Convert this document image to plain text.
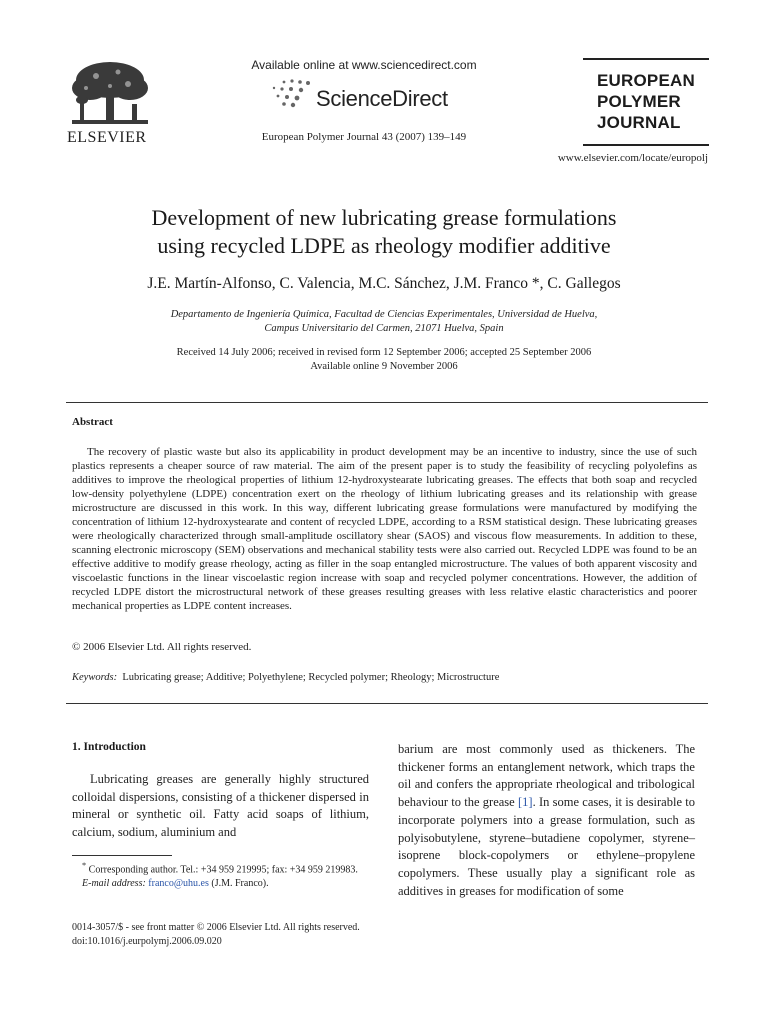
ELSEVIER
Available online at www.sciencedirect.com
ScienceDirect
European Polymer Journal 43 (2007) 139–149
EUROPEAN
POLYMER
JOURNAL
www.elsevier.com/locate/europolj
Development of new lubricating grease formulations
using recycled LDPE as rheology modifier additive
J.E. Martín-Alfonso, C. Valencia, M.C. Sánchez, J.M. Franco *, C. Gallegos
Departamento de Ingeniería Química, Facultad de Ciencias Experimentales, Universidad de Huelva,
Campus Universitario del Carmen, 21071 Huelva, Spain
Received 14 July 2006; received in revised form 12 September 2006; accepted 25 September 2006
Available online 9 November 2006
Abstract

The recovery of plastic waste but also its applicability in product development may be an incentive to industry, since the use of such plastics represents a cheaper source of raw material. The aim of the present paper is to study the feasibility of recycling polyolefins as additives to improve the rheological properties of lithium 12-hydroxystearate lubricating greases. The effects that both soap and recycled low-density polyethylene (LDPE) concentration exert on the rheology of lithium lubricating greases and its relationship with grease microstructure are discussed in this work. In this way, different lubricating grease formulations were manufactured by modifying the concentration of lithium 12-hydroxystearate and content of recycled LDPE, according to a RSM statistical design. These lubricating greases were rheologically characterized through small-amplitude oscillatory shear (SAOS) and viscous flow measurements. In addition to these, scanning electronic microscopy (SEM) observations and mechanical stability tests were also carried out. Recycled LDPE was found to be an effective additive to modify grease rheology, acting as filler in the soap entangled microstructure. The values of both apparent viscosity and viscoelastic functions in the linear viscoelastic region increase with soap and recycled polymer concentrations. However, the addition of recycled LDPE distort the microstructural network of these greases resulting greases with less relative elastic characteristics and poorer mechanical properties as LDPE content increases.

© 2006 Elsevier Ltd. All rights reserved.
Keywords: Lubricating grease; Additive; Polyethylene; Recycled polymer; Rheology; Microstructure
1. Introduction

Lubricating greases are generally highly structured colloidal dispersions, consisting of a thickener dispersed in mineral or synthetic oil. Fatty acid soaps of lithium, calcium, sodium, aluminium and

barium are most commonly used as thickeners. The thickener forms an entanglement network, which traps the oil and confers the appropriate rheological and tribological behaviour to the grease [1]. In some cases, it is desirable to incorporate polymers into a grease formulation, such as polyisobutylene, styrene–butadiene copolymer, styrene–isoprene block-copolymers or ethylene–propylene copolymers. These usually play a significant role as additives in greases for modification of some

* Corresponding author. Tel.: +34 959 219995; fax: +34 959 219983.
E-mail address: franco@uhu.es (J.M. Franco).
0014-3057/$ - see front matter © 2006 Elsevier Ltd. All rights reserved.
doi:10.1016/j.eurpolymj.2006.09.020
